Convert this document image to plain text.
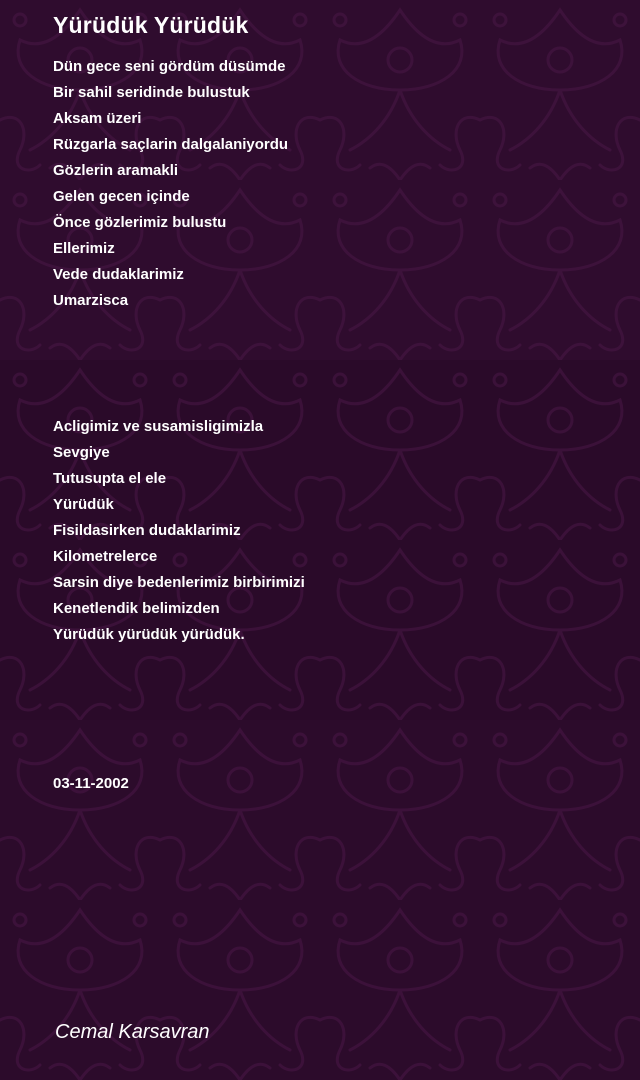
Yürüdük Yürüdük
Dün gece seni gördüm düsümde
Bir sahil seridinde bulustuk
Aksam üzeri
Rüzgarla saçlarin dalgalaniyordu
Gözlerin aramakli
Gelen gecen içinde
Önce gözlerimiz bulustu
Ellerimiz
Vede dudaklarimiz
Umarzisca
Acligimiz ve susamisligimizla
Sevgiye
Tutusupta el ele
Yürüdük
Fisildasirken dudaklarimiz
Kilometrelerce
Sarsin diye bedenlerimiz birbirimizi
Kenetlendik belimizden
Yürüdük yürüdük yürüdük.
03-11-2002
Cemal Karsavran
